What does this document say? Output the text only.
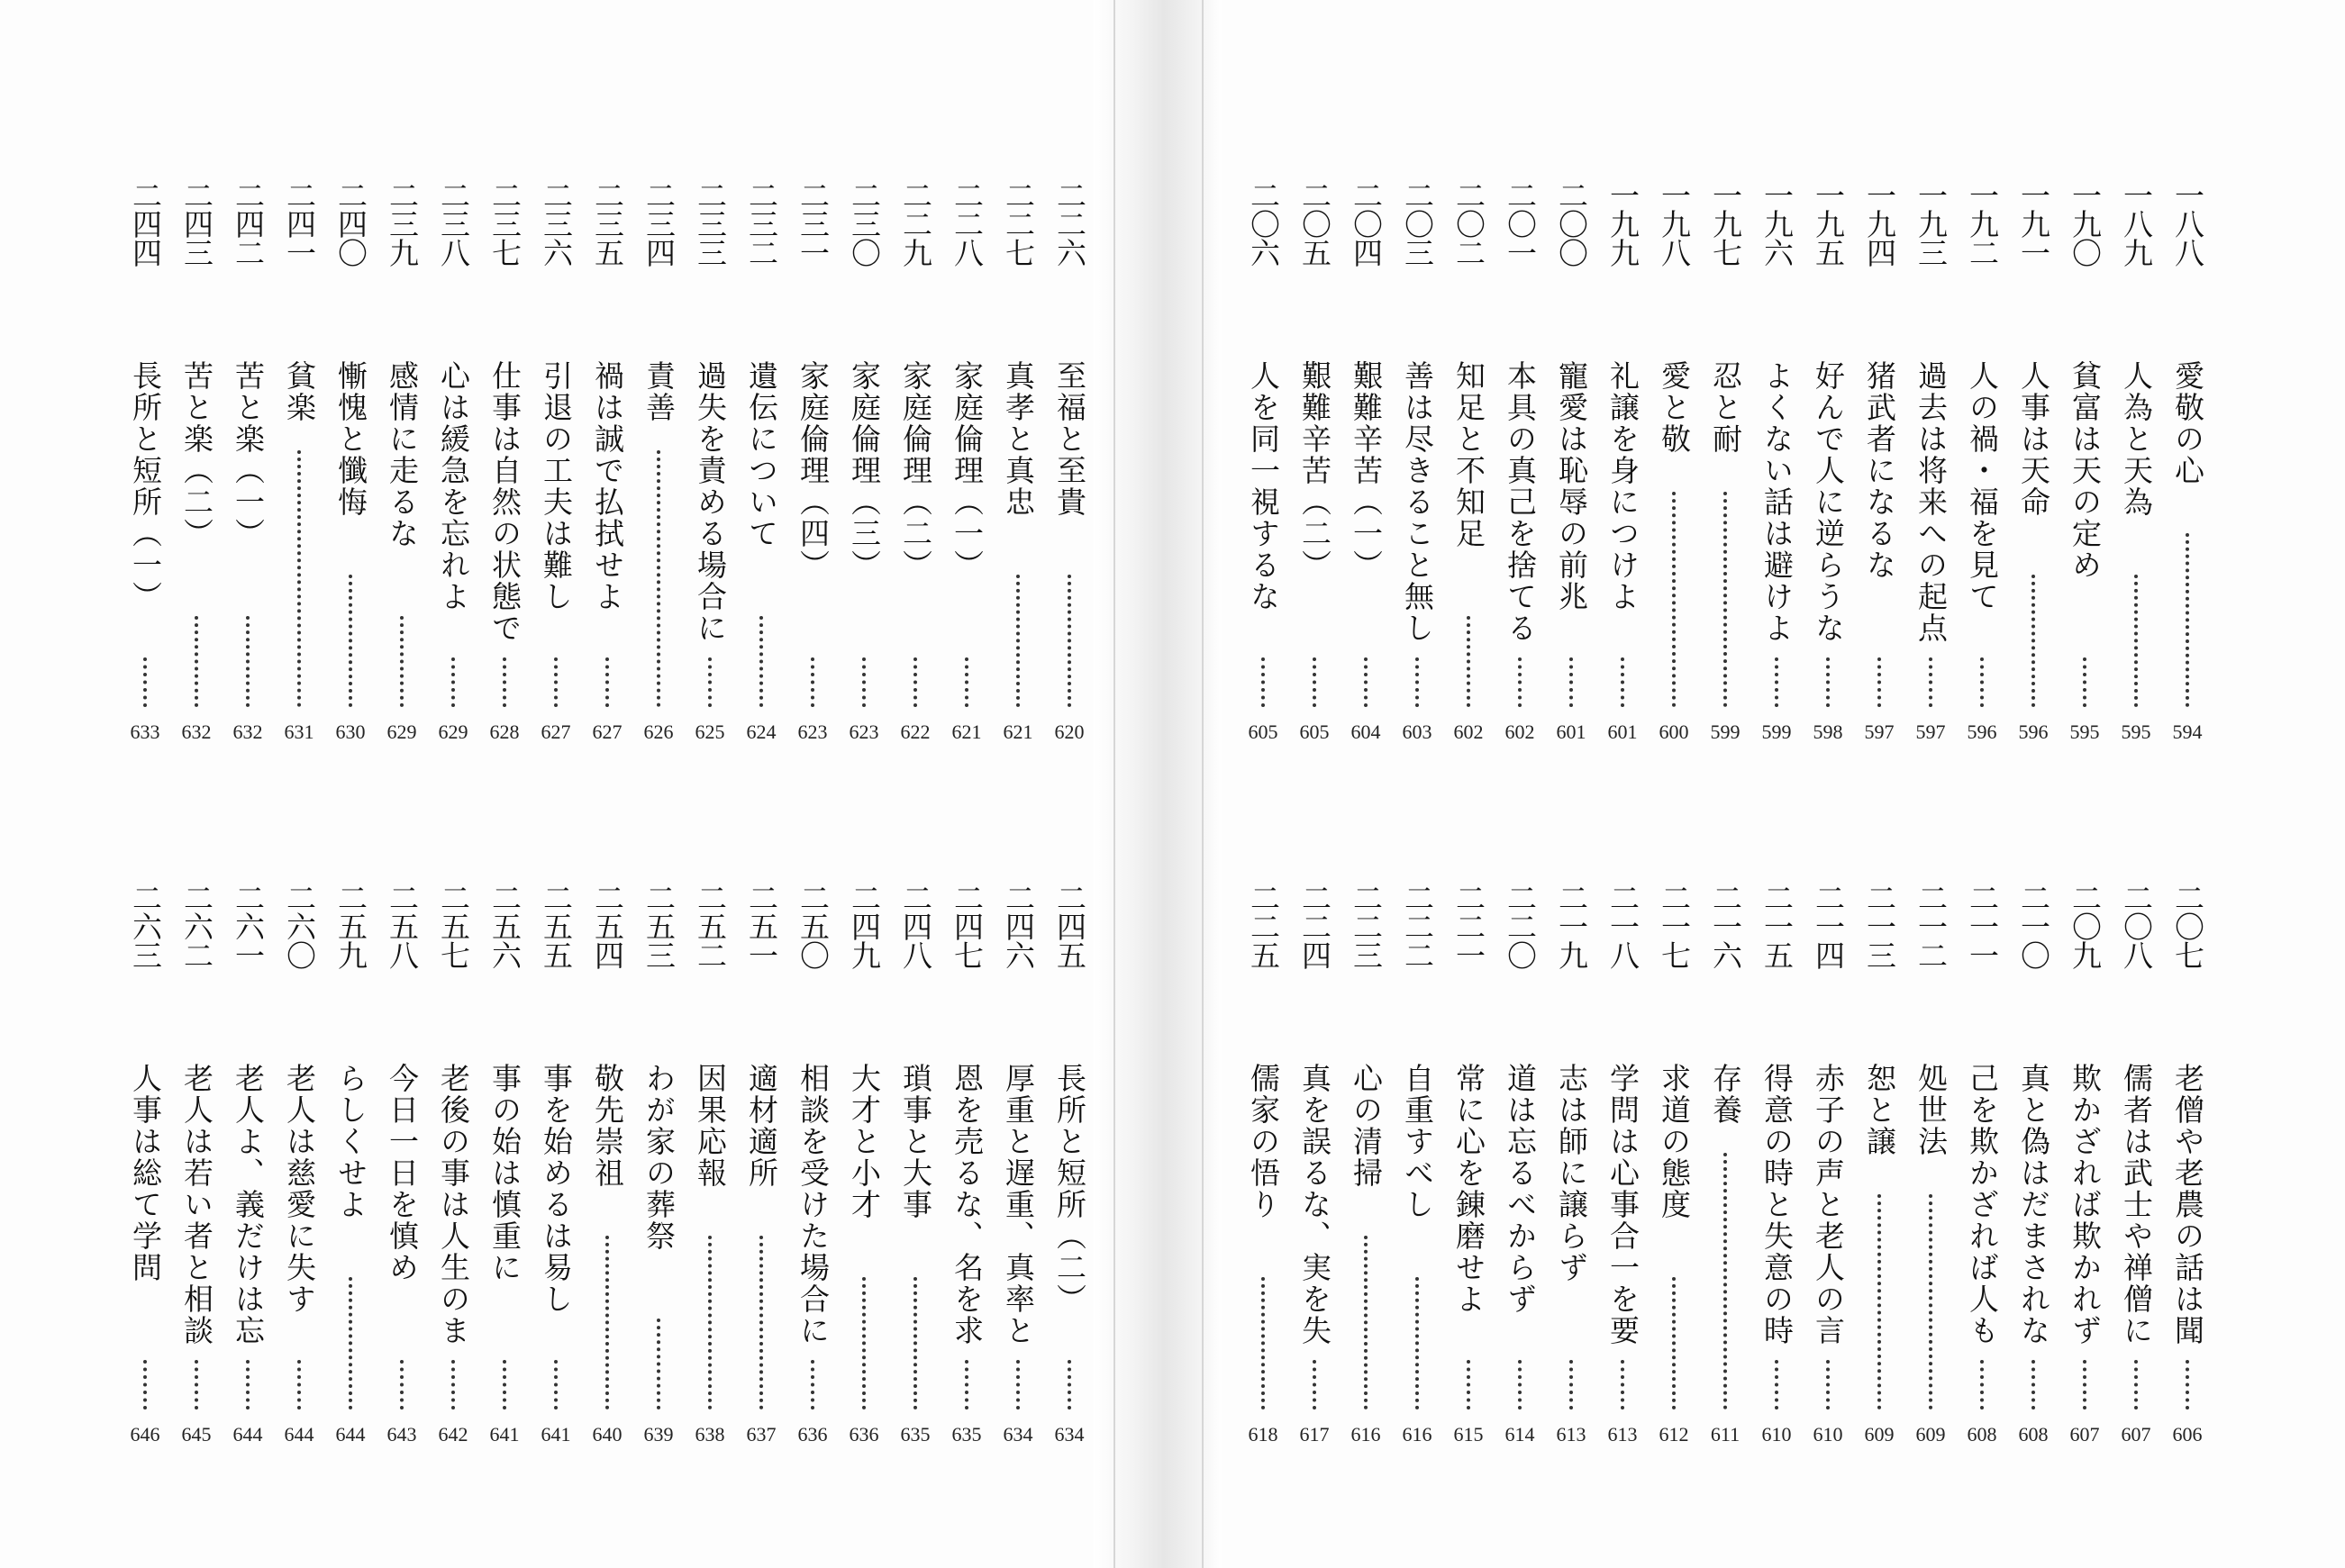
二二六
至福と至貴
620
二二七
真孝と真忠
621
二二八
家庭倫理（一）
621
二二九
家庭倫理（二）
622
二三〇
家庭倫理（三）
623
二三一
家庭倫理（四）
623
二三二
遺伝について
624
二三三
過失を責める場合に
625
二三四
責善
626
二三五
禍は誠で払拭せよ
627
二三六
引退の工夫は難し
627
二三七
仕事は自然の状態で
628
二三八
心は緩急を忘れよ
629
二三九
感情に走るな
629
二四〇
慚愧と懺悔
630
二四一
貧楽
631
二四二
苦と楽（一）
632
二四三
苦と楽（二）
632
二四四
長所と短所（一）
633
二四五
長所と短所（二）
634
二四六
厚重と遅重、真率と
634
二四七
恩を売るな、名を求
635
二四八
瑣事と大事
635
二四九
大才と小才
636
二五〇
相談を受けた場合に
636
二五一
適材適所
637
二五二
因果応報
638
二五三
わが家の葬祭
639
二五四
敬先崇祖
640
二五五
事を始めるは易し
641
二五六
事の始は慎重に
641
二五七
老後の事は人生のま
642
二五八
今日一日を慎め
643
二五九
らしくせよ
644
二六〇
老人は慈愛に失す
644
二六一
老人よ、義だけは忘
644
二六二
老人は若い者と相談
645
二六三
人事は総て学問
646
一八八
愛敬の心
594
一八九
人為と天為
595
一九〇
貧富は天の定め
595
一九一
人事は天命
596
一九二
人の禍・福を見て
596
一九三
過去は将来への起点
597
一九四
猪武者になるな
597
一九五
好んで人に逆らうな
598
一九六
よくない話は避けよ
599
一九七
忍と耐
599
一九八
愛と敬
600
一九九
礼譲を身につけよ
601
二〇〇
寵愛は恥辱の前兆
601
二〇一
本具の真己を捨てる
602
二〇二
知足と不知足
602
二〇三
善は尽きること無し
603
二〇四
艱難辛苦（一）
604
二〇五
艱難辛苦（二）
605
二〇六
人を同一視するな
605
二〇七
老僧や老農の話は聞
606
二〇八
儒者は武士や禅僧に
607
二〇九
欺かざれば欺かれず
607
二一〇
真と偽はだまされな
608
二一一
己を欺かざれば人も
608
二一二
処世法
609
二一三
恕と譲
609
二一四
赤子の声と老人の言
610
二一五
得意の時と失意の時
610
二一六
存養
611
二一七
求道の態度
612
二一八
学問は心事合一を要
613
二一九
志は師に譲らず
613
二二〇
道は忘るべからず
614
二二一
常に心を錬磨せよ
615
二二二
自重すべし
616
二二三
心の清掃
616
二二四
真を誤るな、実を失
617
二二五
儒家の悟り
618
